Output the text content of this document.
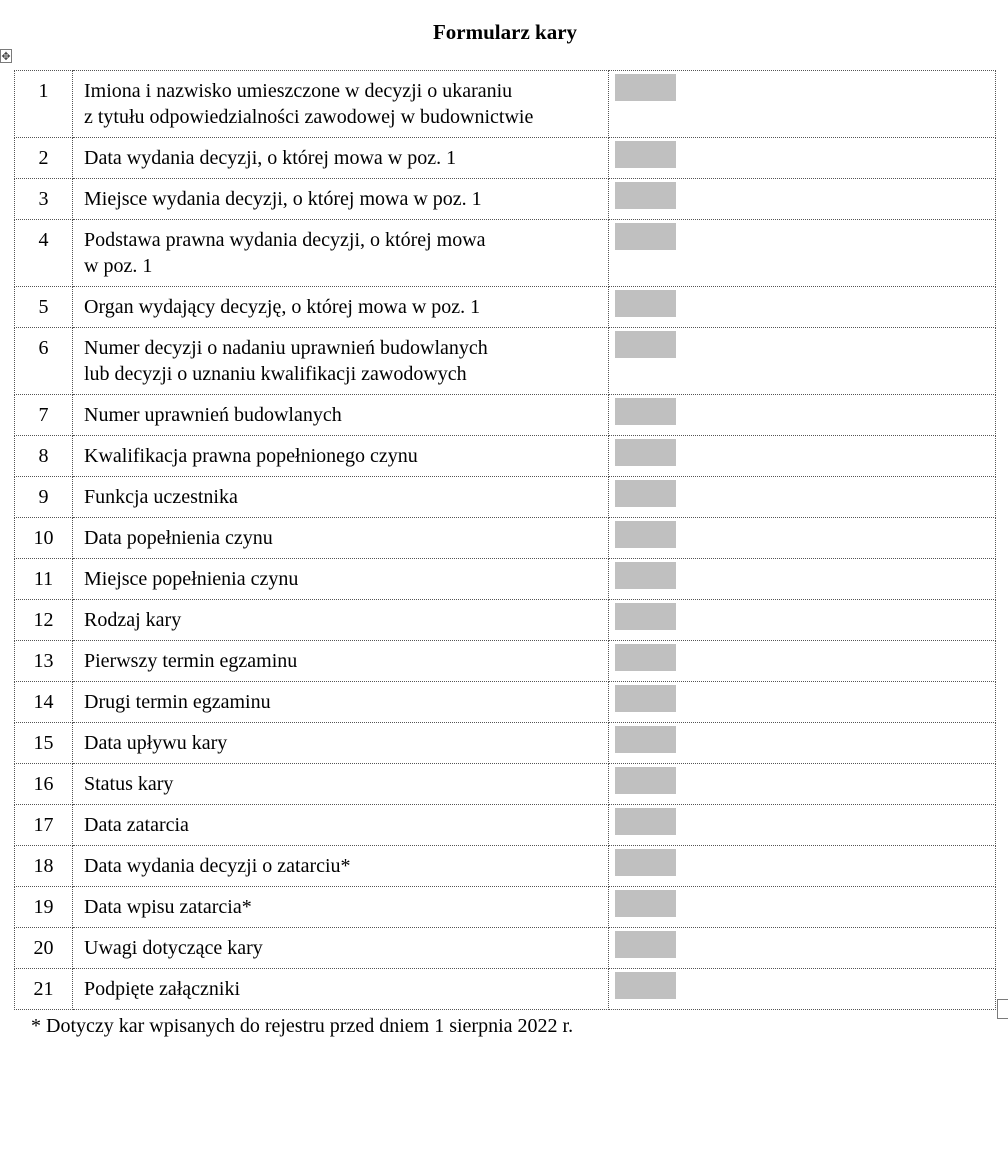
Formularz kary
✥
1	Imiona i nazwisko umieszczone w decyzji o ukaraniu
z tytułu odpowiedzialności zawodowej w budownictwie	

2	Data wydania decyzji, o której mowa w poz. 1	

3	Miejsce wydania decyzji, o której mowa w poz. 1	

4	Podstawa prawna wydania decyzji, o której mowa
w poz. 1	

5	Organ wydający decyzję, o której mowa w poz. 1	

6	Numer decyzji o nadaniu uprawnień budowlanych
lub decyzji o uznaniu kwalifikacji zawodowych	

7	Numer uprawnień budowlanych	

8	Kwalifikacja prawna popełnionego czynu	

9	Funkcja uczestnika	

10	Data popełnienia czynu	

11	Miejsce popełnienia czynu	

12	Rodzaj kary	

13	Pierwszy termin egzaminu	

14	Drugi termin egzaminu	

15	Data upływu kary	

16	Status kary	

17	Data zatarcia	

18	Data wydania decyzji o zatarciu*	

19	Data wpisu zatarcia*	

20	Uwagi dotyczące kary	

21	Podpięte załączniki	

* Dotyczy kar wpisanych do rejestru przed dniem 1 sierpnia 2022 r.
